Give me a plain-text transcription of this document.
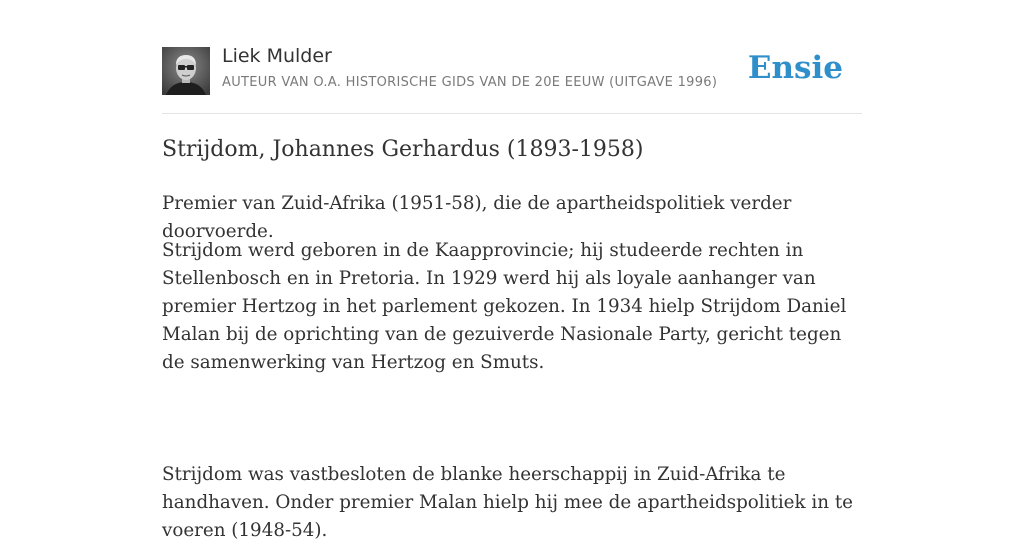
Liek Mulder
AUTEUR VAN O.A. HISTORISCHE GIDS VAN DE 20E EEUW (UITGAVE 1996) Ensie
Strijdom, Johannes Gerhardus (1893-1958)

Premier van Zuid-Afrika (1951-58), die de apartheidspolitiek verder doorvoerde.

Strijdom werd geboren in de Kaapprovincie; hij studeerde rechten in Stellenbosch en in Pretoria. In 1929 werd hij als loyale aanhanger van premier Hertzog in het parlement gekozen. In 1934 hielp Strijdom Daniel Malan bij de oprichting van de gezuiverde Nasionale Party, gericht tegen de samenwerking van Hertzog en Smuts.

Strijdom was vastbesloten de blanke heerschappij in Zuid-Afrika te handhaven. Onder premier Malan hielp hij mee de apartheidspolitiek in te voeren (1948-54).
